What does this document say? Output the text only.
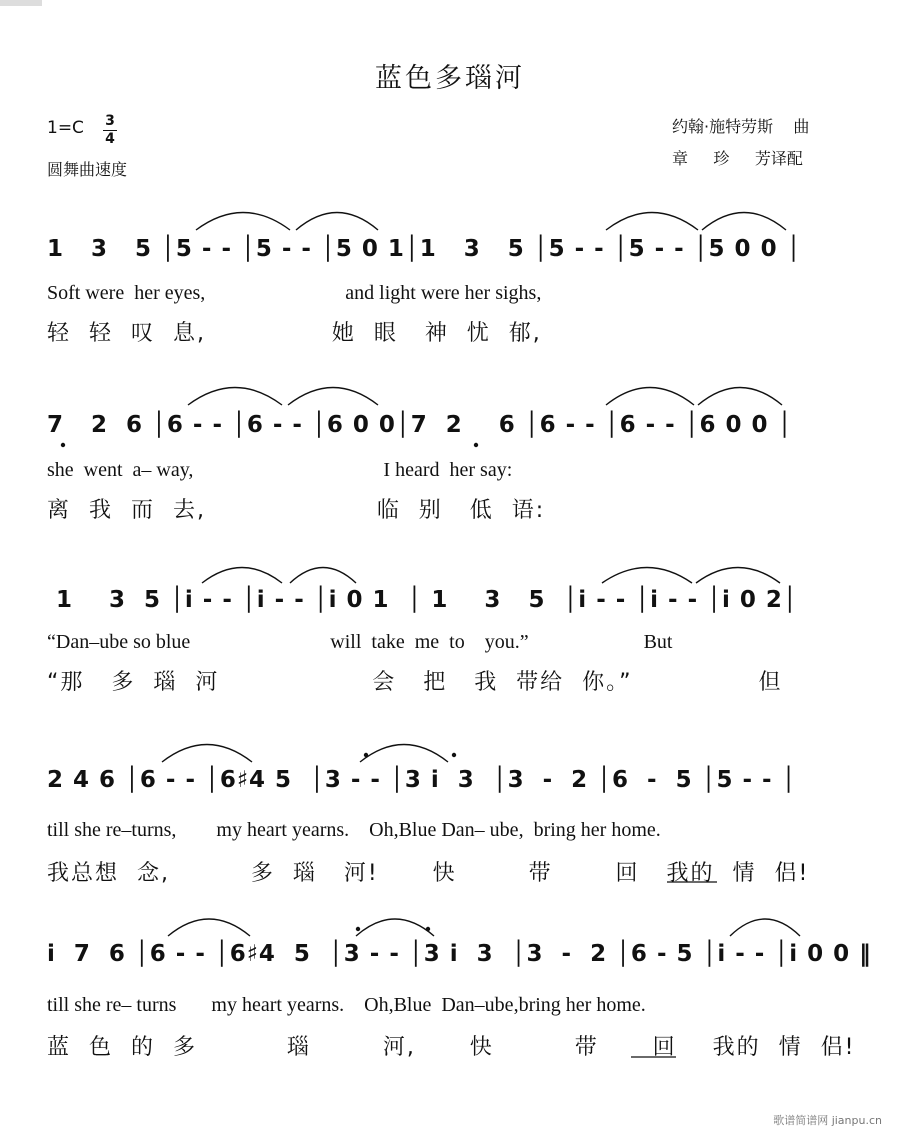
蓝色多瑙河
1=C 3
4
圆舞曲速度
约翰·施特劳斯    曲
章     珍     芳译配
1   3   5 │5 - - │5 - - │5 0 1│1   3   5 │5 - - │5 - - │5 0 0 │
Soft were  her eyes,                            and light were her sighs,
轻  轻  叹  息,              她  眼   神  忧  郁,
7   2  6 │6 - - │6 - - │6 0 0│7  2    6 │6 - - │6 - - │6 0 0 │
she  went  a– way,                                      I heard  her say:
离  我  而  去,                   临  别   低  语:
1    3  5 │i - - │i - - │i 0 1  │ 1    3   5  │i - - │i - - │i 0 2│
“Dan–ube so blue                            will  take  me  to    you.”                       But
“那   多  瑙  河                 会   把   我  带给  你。”              但
2 4 6 │6 - - │6♯4 5  │3 - - │3 i  3  │3  -  2 │6  -  5 │5 - - │
till she re–turns,        my heart yearns.    Oh,Blue Dan– ube,  bring her home.
我总想  念,         多  瑙   河!      快        带       回   我的  情  侣!
i  7  6 │6 - - │6♯4  5  │3 - - │3 i  3  │3  -  2 │6 - 5 │i - - │i 0 0 ‖
till she re– turns       my heart yearns.    Oh,Blue  Dan–ube,bring her home.
蓝  色  的  多          瑙        河,      快         带      回    我的  情  侣!
歌谱简谱网 jianpu.cn
